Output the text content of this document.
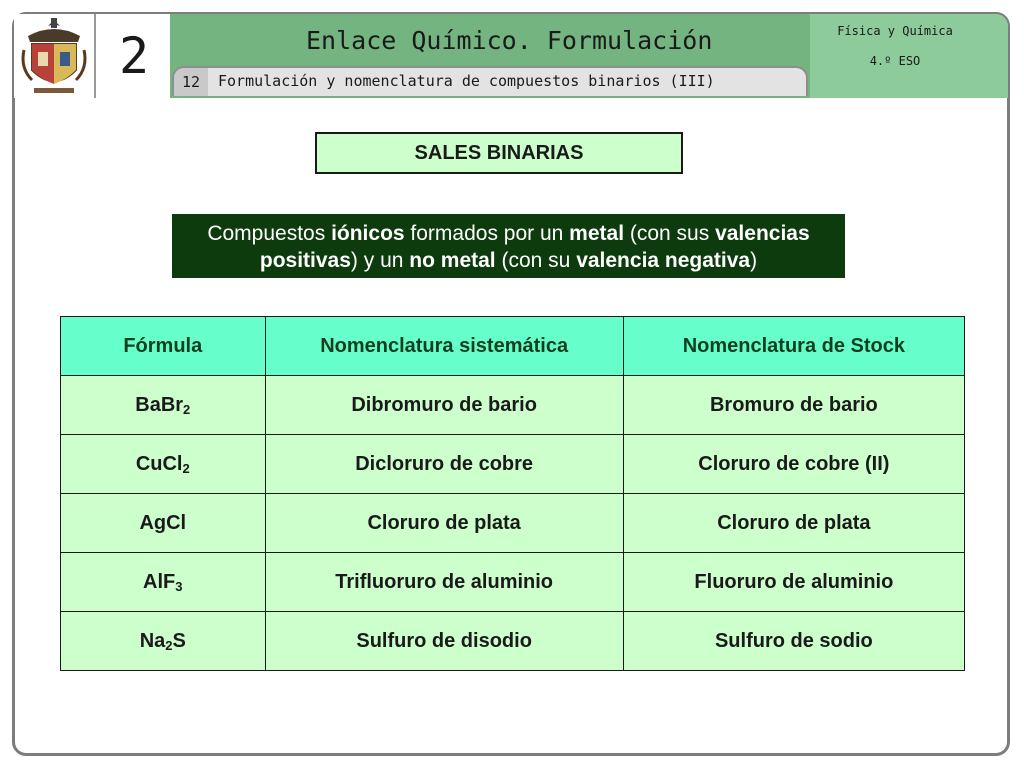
2	Enlace Químico. Formulación
12	Formulación y nomenclatura de compuestos binarios (III)
Física y Química
4.º ESO
SALES BINARIAS
Compuestos iónicos formados por un metal (con sus valencias positivas) y un no metal (con su valencia negativa)
Fórmula	Nomenclatura sistemática	Nomenclatura de Stock
BaBr$_2$	Dibromuro de bario	Bromuro de bario
CuCl$_2$	Dicloruro de cobre	Cloruro de cobre (II)
AgCl	Cloruro de plata	Cloruro de plata
AlF$_3$	Trifluoruro de aluminio	Fluoruro de aluminio
$Na_2S$	Sulfuro de disodio	Sulfuro de sodio
